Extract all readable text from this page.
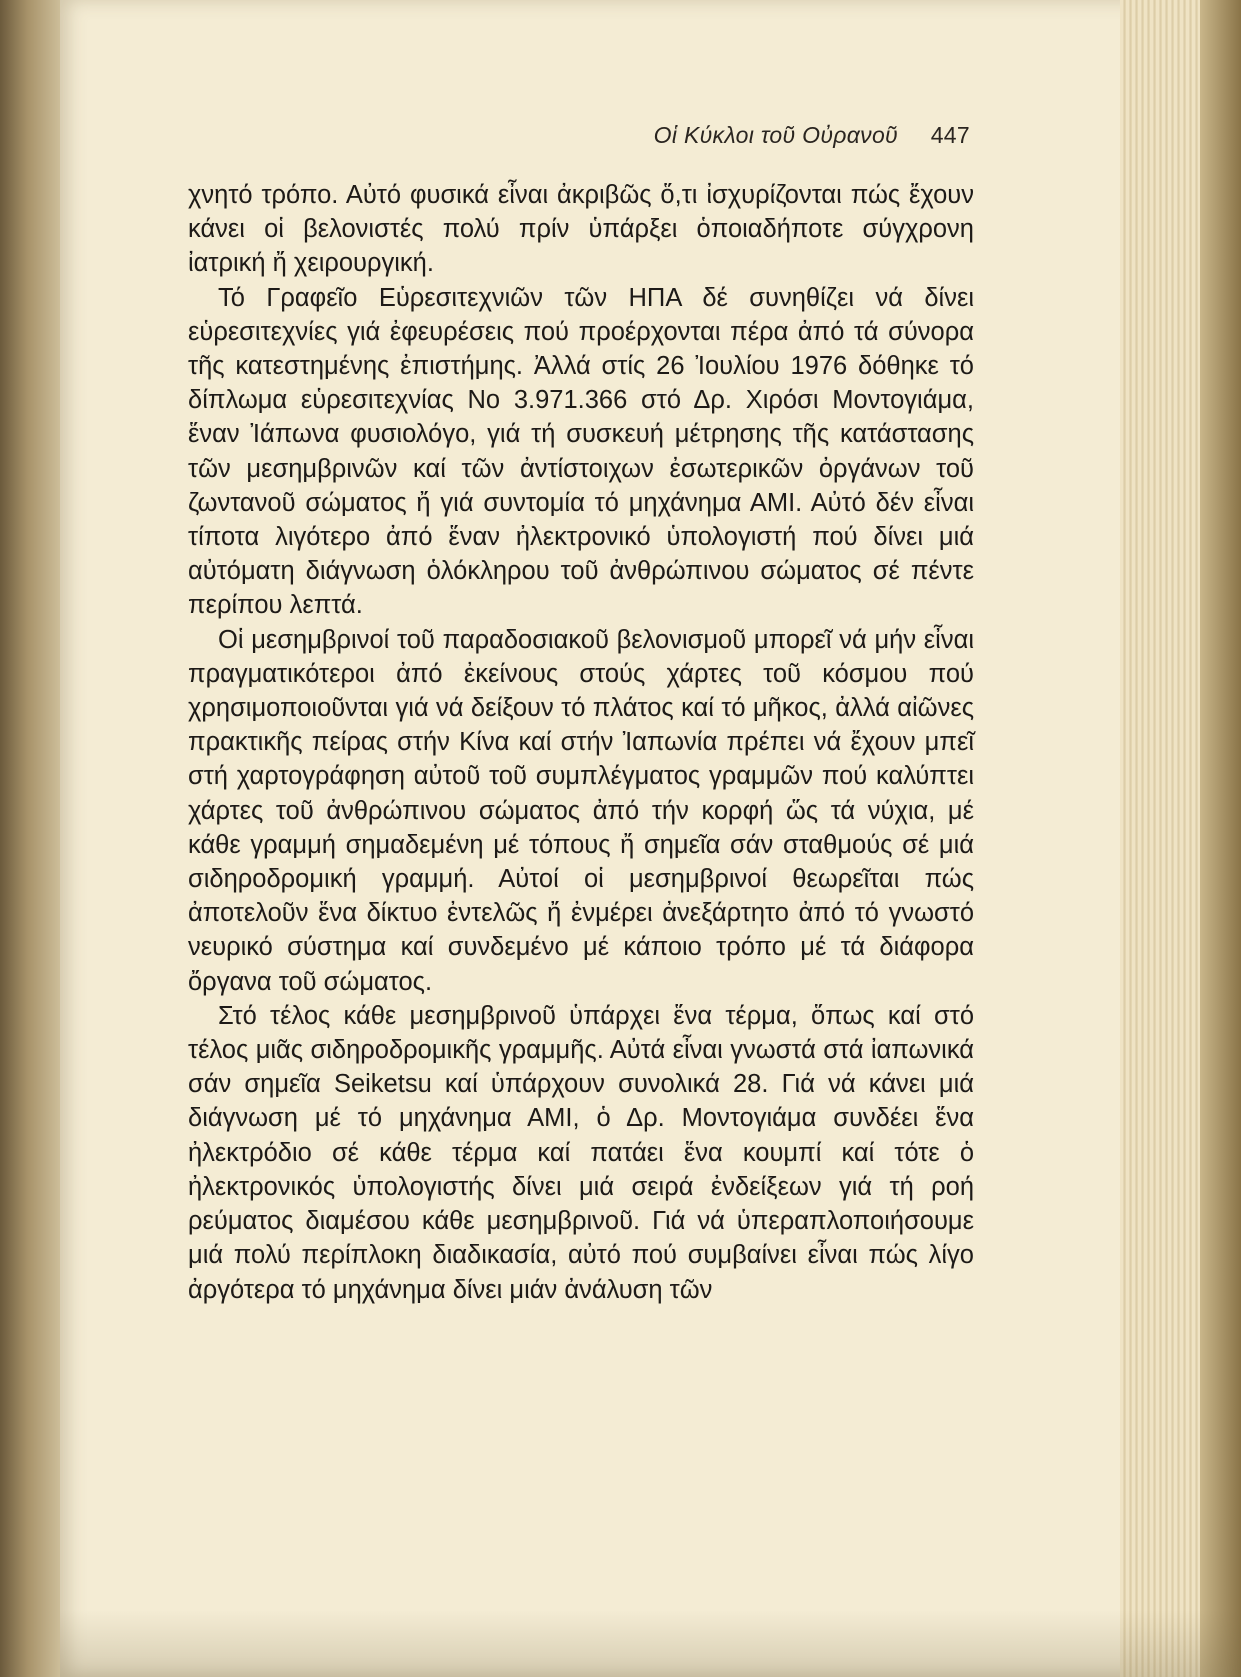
Οἱ Κύκλοι τοῦ Οὐρανοῦ 447

χνητό τρόπο. Αὐτό φυσικά εἶναι ἀκριβῶς ὅ,τι ἰσχυρίζονται πώς ἔχουν κάνει οἱ βελονιστές πολύ πρίν ὑπάρξει ὁποιαδήποτε σύγχρονη ἰατρική ἤ χειρουργική.

Τό Γραφεῖο Εὑρεσιτεχνιῶν τῶν ΗΠΑ δέ συνηθίζει νά δίνει εὑρεσιτεχνίες γιά ἐφευρέσεις πού προέρχονται πέρα ἀπό τά σύνορα τῆς κατεστημένης ἐπιστήμης. Ἀλλά στίς 26 Ἰουλίου 1976 δόθηκε τό δίπλωμα εὑρεσιτεχνίας Νο 3.971.366 στό Δρ. Χιρόσι Μοντογιάμα, ἕναν Ἰάπωνα φυσιολόγο, γιά τή συσκευή μέτρησης τῆς κατάστασης τῶν μεσημβρινῶν καί τῶν ἀντίστοιχων ἐσωτερικῶν ὀργάνων τοῦ ζωντανοῦ σώματος ἤ γιά συντομία τό μηχάνημα ΑΜΙ. Αὐτό δέν εἶναι τίποτα λιγότερο ἀπό ἕναν ἠλεκτρονικό ὑπολογιστή πού δίνει μιά αὐτόματη διάγνωση ὁλόκληρου τοῦ ἀνθρώπινου σώματος σέ πέντε περίπου λεπτά.

Οἱ μεσημβρινοί τοῦ παραδοσιακοῦ βελονισμοῦ μπορεῖ νά μήν εἶναι πραγματικότεροι ἀπό ἐκείνους στούς χάρτες τοῦ κόσμου πού χρησιμοποιοῦνται γιά νά δείξουν τό πλάτος καί τό μῆκος, ἀλλά αἰῶνες πρακτικῆς πείρας στήν Κίνα καί στήν Ἰαπωνία πρέπει νά ἔχουν μπεῖ στή χαρτογράφηση αὐτοῦ τοῦ συμπλέγματος γραμμῶν πού καλύπτει χάρτες τοῦ ἀνθρώπινου σώματος ἀπό τήν κορφή ὥς τά νύχια, μέ κάθε γραμμή σημαδεμένη μέ τόπους ἤ σημεῖα σάν σταθμούς σέ μιά σιδηροδρομική γραμμή. Αὐτοί οἱ μεσημβρινοί θεωρεῖται πώς ἀποτελοῦν ἕνα δίκτυο ἐντελῶς ἤ ἐνμέρει ἀνεξάρτητο ἀπό τό γνωστό νευρικό σύστημα καί συνδεμένο μέ κάποιο τρόπο μέ τά διάφορα ὄργανα τοῦ σώματος.

Στό τέλος κάθε μεσημβρινοῦ ὑπάρχει ἕνα τέρμα, ὅπως καί στό τέλος μιᾶς σιδηροδρομικῆς γραμμῆς. Αὐτά εἶναι γνωστά στά ἰαπωνικά σάν σημεῖα Seiketsu καί ὑπάρχουν συνολικά 28. Γιά νά κάνει μιά διάγνωση μέ τό μηχάνημα ΑΜΙ, ὁ Δρ. Μοντογιάμα συνδέει ἕνα ἠλεκτρόδιο σέ κάθε τέρμα καί πατάει ἕνα κουμπί καί τότε ὁ ἠλεκτρονικός ὑπολογιστής δίνει μιά σειρά ἐνδείξεων γιά τή ροή ρεύματος διαμέσου κάθε μεσημβρινοῦ. Γιά νά ὑπεραπλοποιήσουμε μιά πολύ περίπλοκη διαδικασία, αὐτό πού συμβαίνει εἶναι πώς λίγο ἀργότερα τό μηχάνημα δίνει μιάν ἀνάλυση τῶν
